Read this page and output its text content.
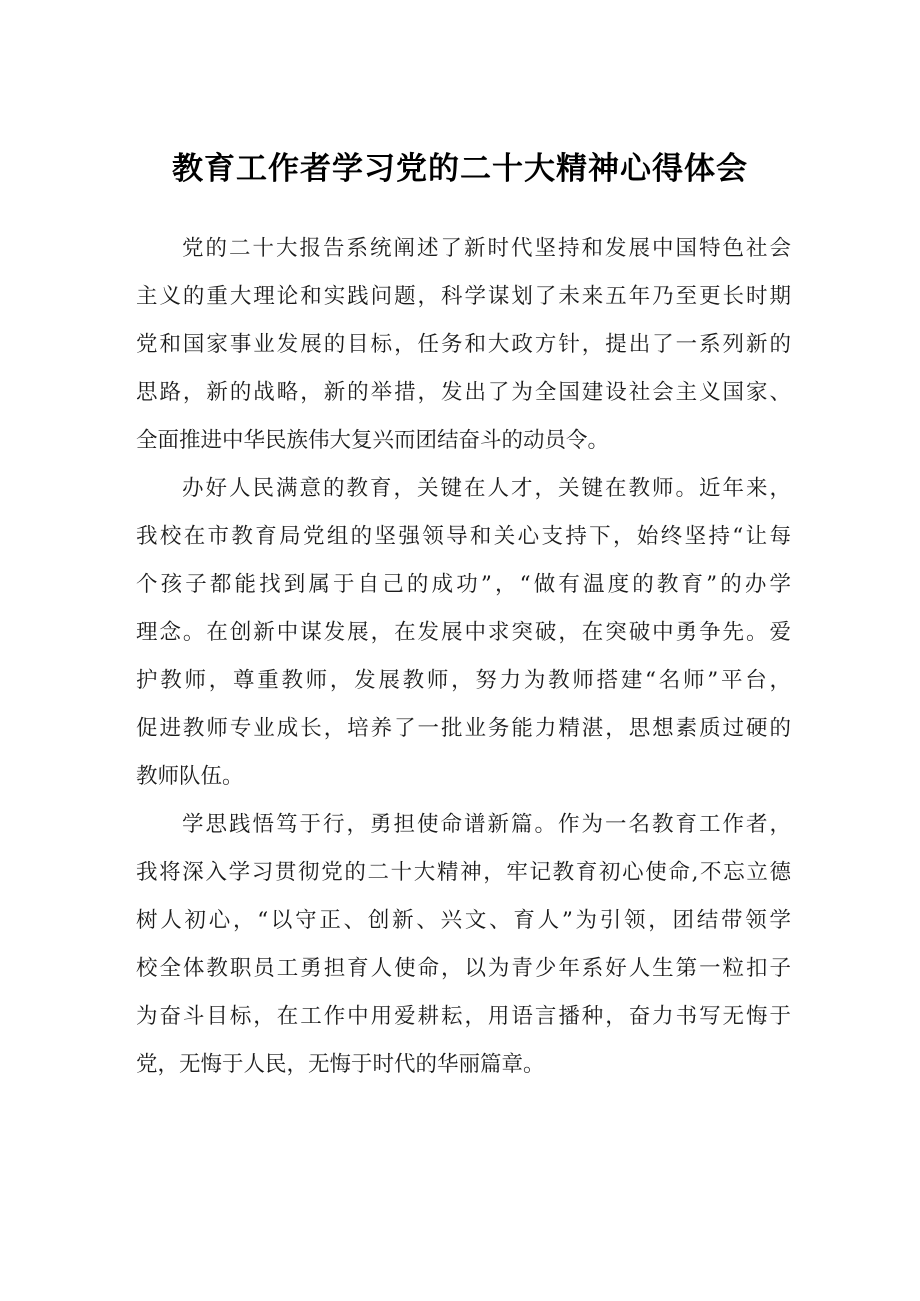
教育工作者学习党的二十大精神心得体会
党的二十大报告系统阐述了新时代坚持和发展中国特色社会
主义的重大理论和实践问题，科学谋划了未来五年乃至更长时期
党和国家事业发展的目标，任务和大政方针，提出了一系列新的
思路，新的战略，新的举措，发出了为全国建设社会主义国家、
全面推进中华民族伟大复兴而团结奋斗的动员令。
办好人民满意的教育，关键在人才，关键在教师。近年来，
我校在市教育局党组的坚强领导和关心支持下，始终坚持“让每
个孩子都能找到属于自己的成功”，“做有温度的教育”的办学
理念。在创新中谋发展，在发展中求突破，在突破中勇争先。爱
护教师，尊重教师，发展教师，努力为教师搭建“名师”平台，
促进教师专业成长，培养了一批业务能力精湛，思想素质过硬的
教师队伍。
学思践悟笃于行，勇担使命谱新篇。作为一名教育工作者，
我将深入学习贯彻党的二十大精神，牢记教育初心使命,不忘立德
树人初心，“以守正、创新、兴文、育人”为引领，团结带领学
校全体教职员工勇担育人使命，以为青少年系好人生第一粒扣子
为奋斗目标，在工作中用爱耕耘，用语言播种，奋力书写无悔于
党，无悔于人民，无悔于时代的华丽篇章。
